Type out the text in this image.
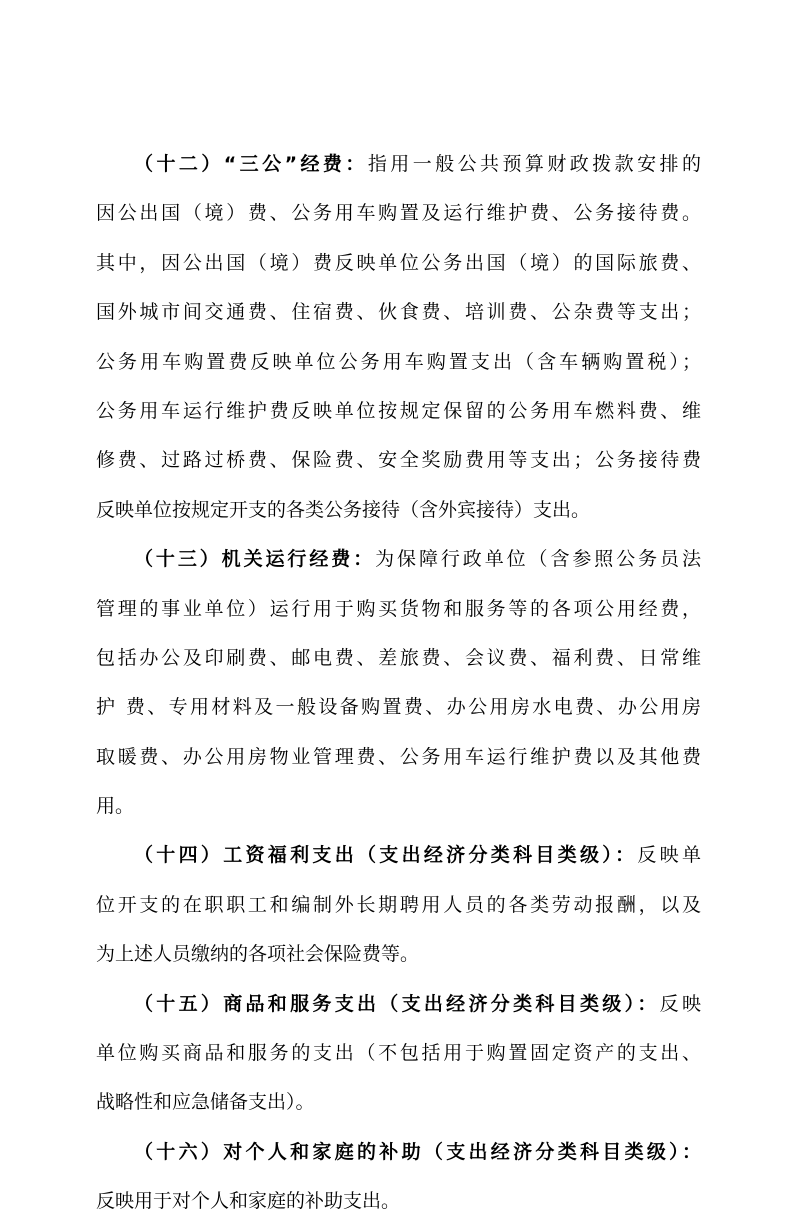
（十二）“三公”经费：指用一般公共预算财政拨款安排的
因公出国（境）费、公务用车购置及运行维护费、公务接待费。
其中，因公出国（境）费反映单位公务出国（境）的国际旅费、
国外城市间交通费、住宿费、伙食费、培训费、公杂费等支出；
公务用车购置费反映单位公务用车购置支出（含车辆购置税）；
公务用车运行维护费反映单位按规定保留的公务用车燃料费、维
修费、过路过桥费、保险费、安全奖励费用等支出；公务接待费
反映单位按规定开支的各类公务接待（含外宾接待）支出。
（十三）机关运行经费：为保障行政单位（含参照公务员法
管理的事业单位）运行用于购买货物和服务等的各项公用经费，
包括办公及印刷费、邮电费、差旅费、会议费、福利费、日常维
护 费、专用材料及一般设备购置费、办公用房水电费、办公用房
取暖费、办公用房物业管理费、公务用车运行维护费以及其他费
用。
（十四）工资福利支出（支出经济分类科目类级）：反映单
位开支的在职职工和编制外长期聘用人员的各类劳动报酬，以及
为上述人员缴纳的各项社会保险费等。
（十五）商品和服务支出（支出经济分类科目类级）：反映
单位购买商品和服务的支出（不包括用于购置固定资产的支出、
战略性和应急储备支出）。
（十六）对个人和家庭的补助（支出经济分类科目类级）：
反映用于对个人和家庭的补助支出。
